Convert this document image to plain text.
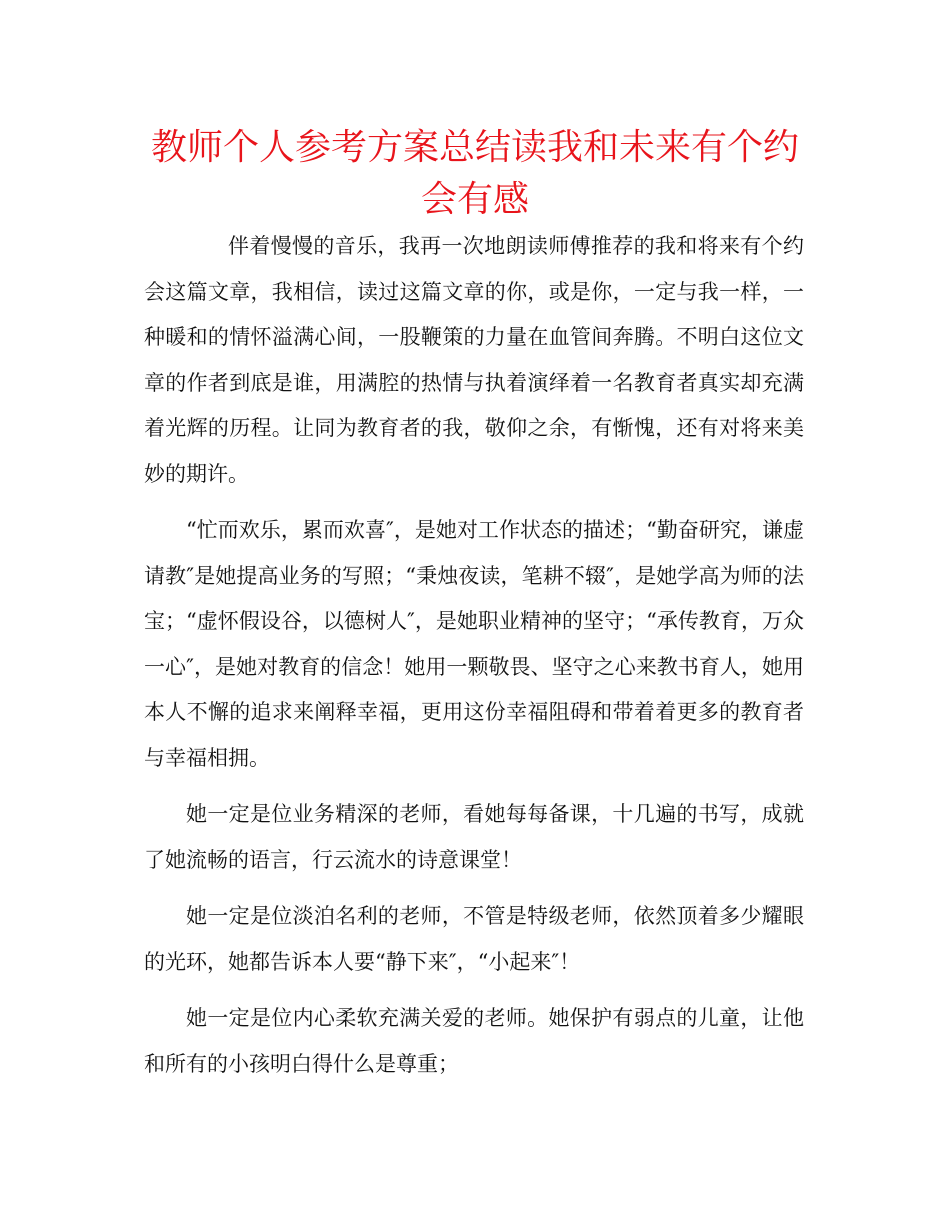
教师个人参考方案总结读我和未来有个约会有感

伴着慢慢的音乐，我再一次地朗读师傅推荐的我和将来有个约会这篇文章，我相信，读过这篇文章的你，或是你，一定与我一样，一种暖和的情怀溢满心间，一股鞭策的力量在血管间奔腾。不明白这位文章的作者到底是谁，用满腔的热情与执着演绎着一名教育者真实却充满着光辉的历程。让同为教育者的我，敬仰之余，有惭愧，还有对将来美妙的期许。

“忙而欢乐，累而欢喜″，是她对工作状态的描述；“勤奋研究，谦虚请教″是她提高业务的写照；“秉烛夜读，笔耕不辍″，是她学高为师的法宝；“虚怀假设谷，以德树人″，是她职业精神的坚守；“承传教育，万众一心″，是她对教育的信念！她用一颗敬畏、坚守之心来教书育人，她用本人不懈的追求来阐释幸福，更用这份幸福阻碍和带着着更多的教育者与幸福相拥。

她一定是位业务精深的老师，看她每每备课，十几遍的书写，成就了她流畅的语言，行云流水的诗意课堂！

她一定是位淡泊名利的老师，不管是特级老师，依然顶着多少耀眼的光环，她都告诉本人要“静下来″，“小起来″！

她一定是位内心柔软充满关爱的老师。她保护有弱点的儿童，让他和所有的小孩明白得什么是尊重；
